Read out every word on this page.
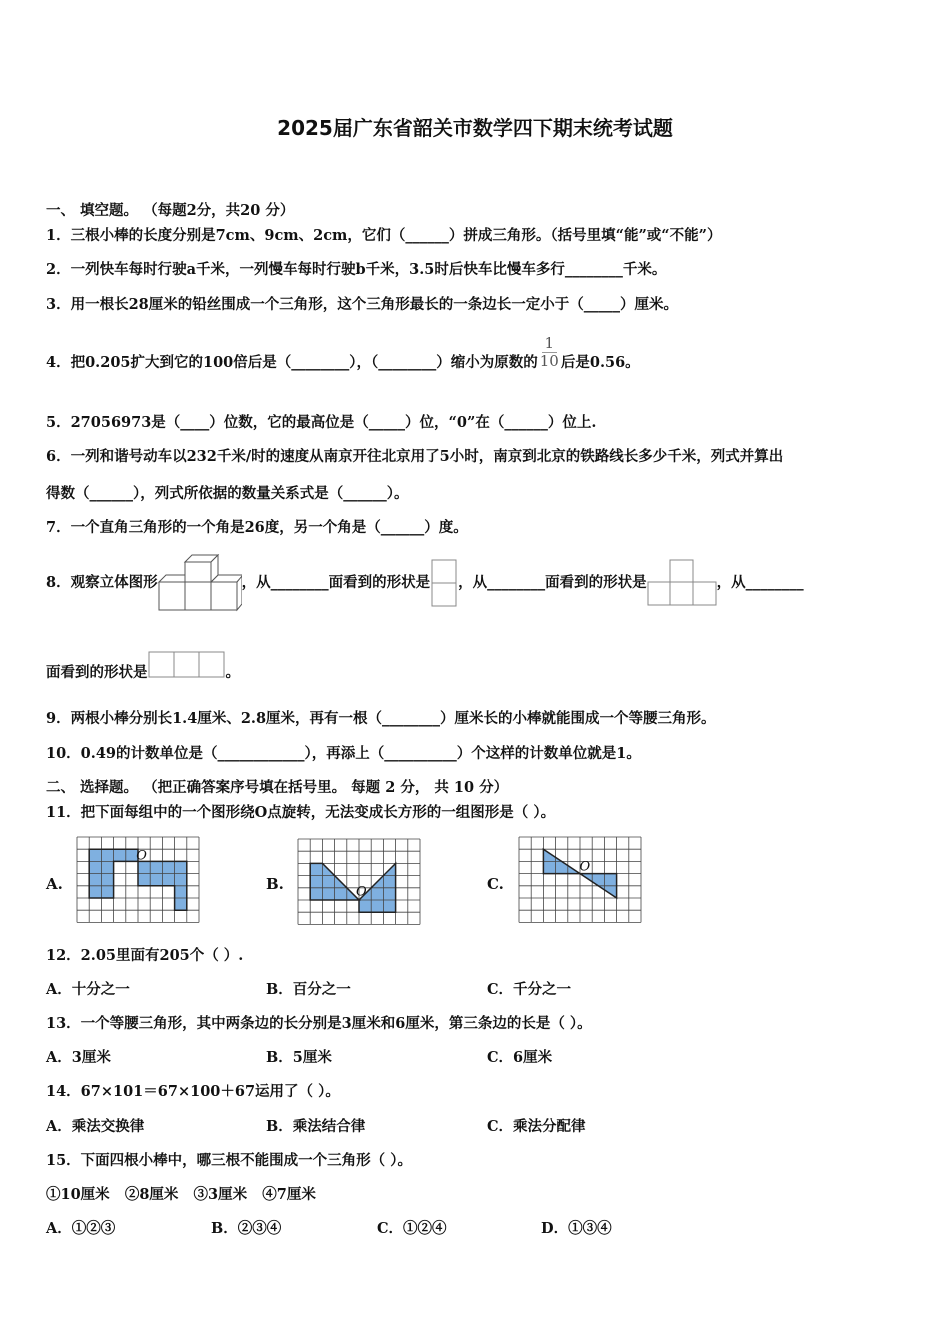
2025届广东省韶关市数学四下期末统考试题
一、 填空题。 （每题2分，共20 分）
1．三根小棒的长度分别是7cm、9cm、2cm，它们（______）拼成三角形。（括号里填“能”或“不能”）
2．一列快车每时行驶a千米，一列慢车每时行驶b千米，3.5时后快车比慢车多行________千米。
3．用一根长28厘米的铅丝围成一个三角形，这个三角形最长的一条边长一定小于（_____）厘米。
4．把0.205扩大到它的100倍后是（________），（________）缩小为原数的 $\frac{1}{10}$ 后是0.56。
5．27056973是（____）位数，它的最高位是（_____）位，“0”在（______）位上.
6．一列和谐号动车以232千米/时的速度从南京开往北京用了5小时，南京到北京的铁路线长多少千米，列式并算出
得数（______），列式所依据的数量关系式是（______）。
7．一个直角三角形的一个角是26度，另一个角是（______）度。
8．观察立体图形	，从________面看到的形状是 ，从________面看到的形状是	，从________
面看到的形状是	。
9．两根小棒分别长1.4厘米、2.8厘米，再有一根（________）厘米长的小棒就能围成一个等腰三角形。
10．0.49的计数单位是（____________），再添上（__________）个这样的计数单位就是1。
二、 选择题。 （把正确答案序号填在括号里。 每题 2 分， 共 10 分）
11．把下面每组中的一个图形绕O点旋转，无法变成长方形的一组图形是（ ）。
A.	B.	C.
O
O
O
12．2.05里面有205个（ ）.
A．十分之一	B．百分之一	C．千分之一
13．一个等腰三角形，其中两条边的长分别是3厘米和6厘米，第三条边的长是（ ）。
A．3厘米	B．5厘米	C．6厘米
14．67×101＝67×100＋67运用了（ ）。
A．乘法交换律	B．乘法结合律	C．乘法分配律
15．下面四根小棒中，哪三根不能围成一个三角形（ ）。
①10厘米   ②8厘米   ③3厘米   ④7厘米
A．①②③	B．②③④	C．①②④	D．①③④
